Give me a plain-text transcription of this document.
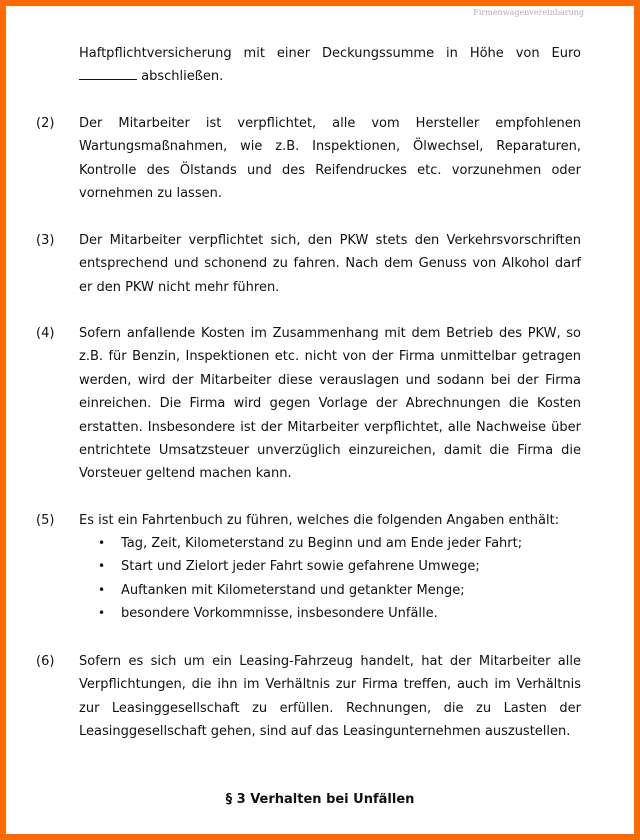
Firmenwagenvereinbarung
Haftpflichtversicherung mit einer Deckungssumme in Höhe von Euro
abschließen.
(2) Der Mitarbeiter ist verpflichtet, alle vom Hersteller empfohlenen Wartungsmaßnahmen, wie z.B. Inspektionen, Ölwechsel, Reparaturen, Kontrolle des Ölstands und des Reifendruckes etc. vorzunehmen oder vornehmen zu lassen.
(3) Der Mitarbeiter verpflichtet sich, den PKW stets den Verkehrsvorschriften entsprechend und schonend zu fahren. Nach dem Genuss von Alkohol darf er den PKW nicht mehr führen.
(4) Sofern anfallende Kosten im Zusammenhang mit dem Betrieb des PKW, so z.B. für Benzin, Inspektionen etc. nicht von der Firma unmittelbar getragen werden, wird der Mitarbeiter diese verauslagen und sodann bei der Firma einreichen. Die Firma wird gegen Vorlage der Abrechnungen die Kosten erstatten. Insbesondere ist der Mitarbeiter verpflichtet, alle Nachweise über entrichtete Umsatzsteuer unverzüglich einzureichen, damit die Firma die Vorsteuer geltend machen kann.
(5) Es ist ein Fahrtenbuch zu führen, welches die folgenden Angaben enthält:
• Tag, Zeit, Kilometerstand zu Beginn und am Ende jeder Fahrt;
• Start und Zielort jeder Fahrt sowie gefahrene Umwege;
• Auftanken mit Kilometerstand und getankter Menge;
• besondere Vorkommnisse, insbesondere Unfälle.
(6) Sofern es sich um ein Leasing-Fahrzeug handelt, hat der Mitarbeiter alle Verpflichtungen, die ihn im Verhältnis zur Firma treffen, auch im Verhältnis zur Leasinggesellschaft zu erfüllen. Rechnungen, die zu Lasten der Leasinggesellschaft gehen, sind auf das Leasingunternehmen auszustellen.
§ 3 Verhalten bei Unfällen
